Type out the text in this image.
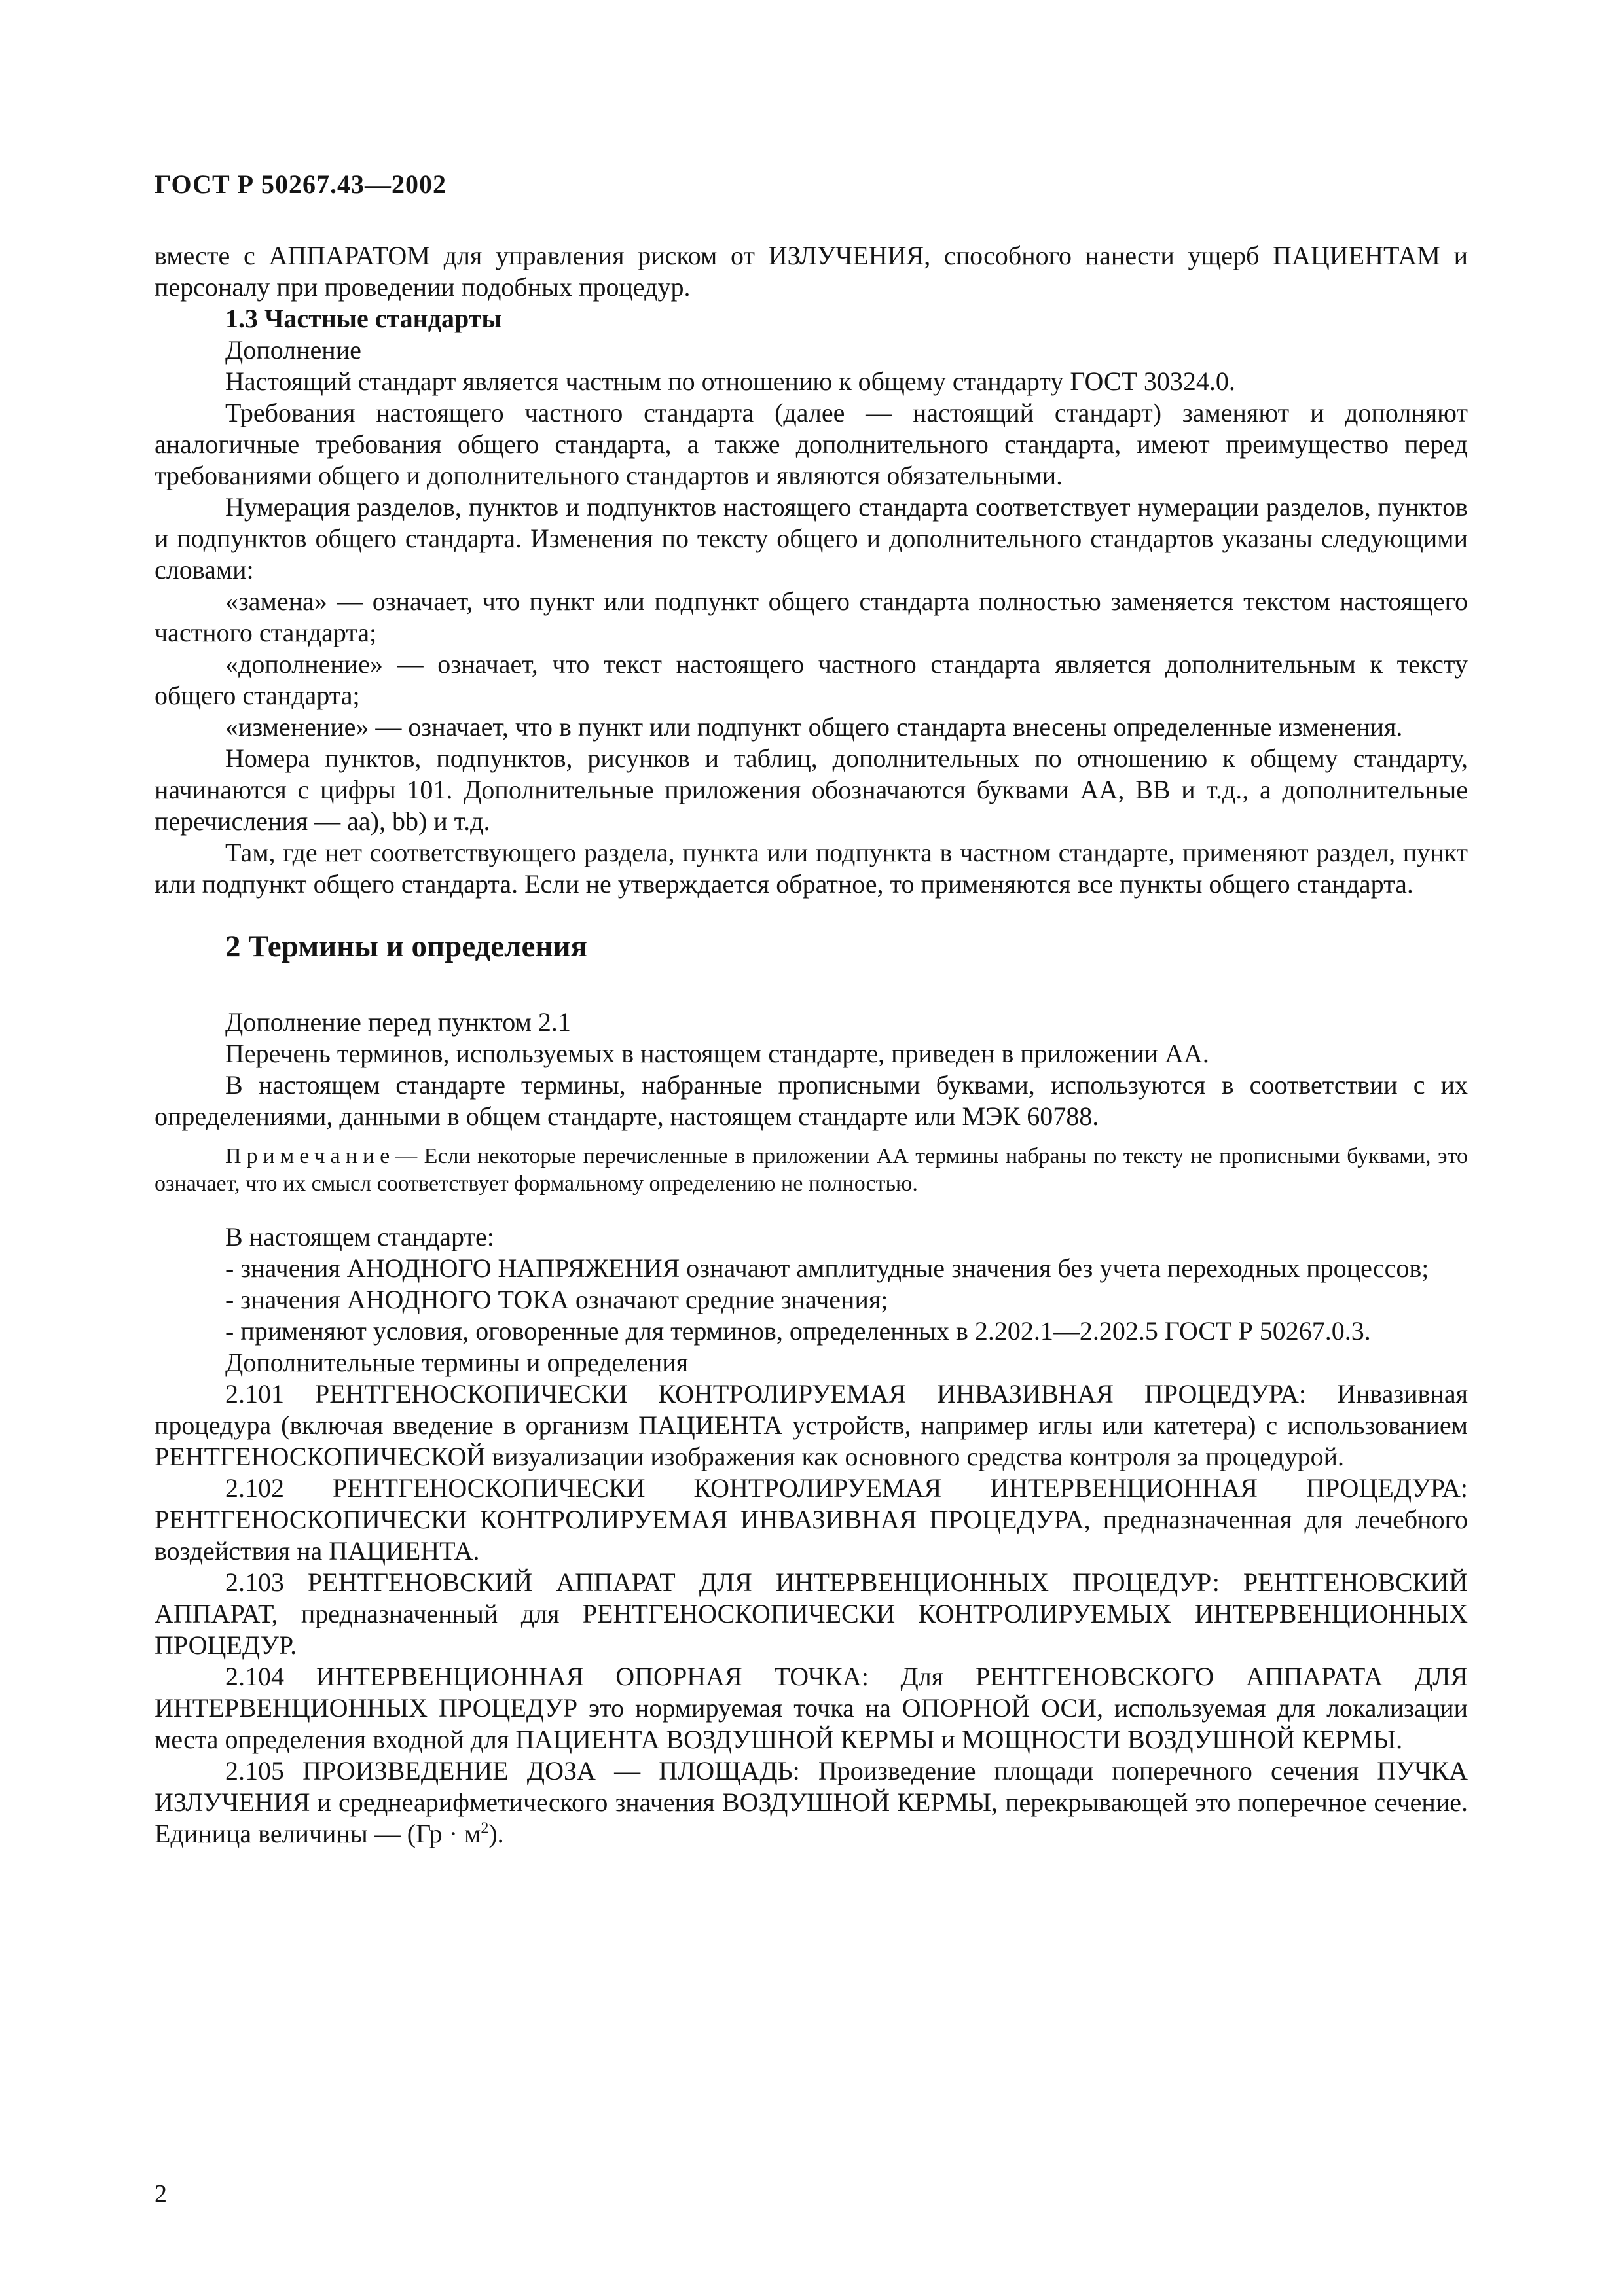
ГОСТ Р 50267.43—2002

вместе с АППАРАТОМ для управления риском от ИЗЛУЧЕНИЯ, способного нанести ущерб ПАЦИЕНТАМ и персоналу при проведении подобных процедур.

1.3 Частные стандарты

Дополнение

Настоящий стандарт является частным по отношению к общему стандарту ГОСТ 30324.0.

Требования настоящего частного стандарта (далее — настоящий стандарт) заменяют и дополняют аналогичные требования общего стандарта, а также дополнительного стандарта, имеют преимущество перед требованиями общего и дополнительного стандартов и являются обязательными.

Нумерация разделов, пунктов и подпунктов настоящего стандарта соответствует нумерации разделов, пунктов и подпунктов общего стандарта. Изменения по тексту общего и дополнительного стандартов указаны следующими словами:

«замена» — означает, что пункт или подпункт общего стандарта полностью заменяется текстом настоящего частного стандарта;

«дополнение» — означает, что текст настоящего частного стандарта является дополнительным к тексту общего стандарта;

«изменение» — означает, что в пункт или подпункт общего стандарта внесены определенные изменения.

Номера пунктов, подпунктов, рисунков и таблиц, дополнительных по отношению к общему стандарту, начинаются с цифры 101. Дополнительные приложения обозначаются буквами АА, ВВ и т.д., а дополнительные перечисления — аа), bb) и т.д.

Там, где нет соответствующего раздела, пункта или подпункта в частном стандарте, применяют раздел, пункт или подпункт общего стандарта. Если не утверждается обратное, то применяются все пункты общего стандарта.

2 Термины и определения

Дополнение перед пунктом 2.1

Перечень терминов, используемых в настоящем стандарте, приведен в приложении АА.

В настоящем стандарте термины, набранные прописными буквами, используются в соответствии с их определениями, данными в общем стандарте, настоящем стандарте или МЭК 60788.

Примечание— Если некоторые перечисленные в приложении АА термины набраны по тексту не прописными буквами, это означает, что их смысл соответствует формальному определению не полностью.

В настоящем стандарте:

- значения АНОДНОГО НАПРЯЖЕНИЯ означают амплитудные значения без учета переходных процессов;

- значения АНОДНОГО ТОКА означают средние значения;

- применяют условия, оговоренные для терминов, определенных в 2.202.1—2.202.5 ГОСТ Р 50267.0.3.

Дополнительные термины и определения

2.101 РЕНТГЕНОСКОПИЧЕСКИ КОНТРОЛИРУЕМАЯ ИНВАЗИВНАЯ ПРОЦЕДУРА: Инвазивная процедура (включая введение в организм ПАЦИЕНТА устройств, например иглы или катетера) с использованием РЕНТГЕНОСКОПИЧЕСКОЙ визуализации изображения как основного средства контроля за процедурой.

2.102 РЕНТГЕНОСКОПИЧЕСКИ КОНТРОЛИРУЕМАЯ ИНТЕРВЕНЦИОННАЯ ПРОЦЕДУРА: РЕНТГЕНОСКОПИЧЕСКИ КОНТРОЛИРУЕМАЯ ИНВАЗИВНАЯ ПРОЦЕДУРА, предназначенная для лечебного воздействия на ПАЦИЕНТА.

2.103 РЕНТГЕНОВСКИЙ АППАРАТ ДЛЯ ИНТЕРВЕНЦИОННЫХ ПРОЦЕДУР: РЕНТГЕНОВСКИЙ АППАРАТ, предназначенный для РЕНТГЕНОСКОПИЧЕСКИ КОНТРОЛИРУЕМЫХ ИНТЕРВЕНЦИОННЫХ ПРОЦЕДУР.

2.104 ИНТЕРВЕНЦИОННАЯ ОПОРНАЯ ТОЧКА: Для РЕНТГЕНОВСКОГО АППАРАТА ДЛЯ ИНТЕРВЕНЦИОННЫХ ПРОЦЕДУР это нормируемая точка на ОПОРНОЙ ОСИ, используемая для локализации места определения входной для ПАЦИЕНТА ВОЗДУШНОЙ КЕРМЫ и МОЩНОСТИ ВОЗДУШНОЙ КЕРМЫ.

2.105 ПРОИЗВЕДЕНИЕ ДОЗА — ПЛОЩАДЬ: Произведение площади поперечного сечения ПУЧКА ИЗЛУЧЕНИЯ и среднеарифметического значения ВОЗДУШНОЙ КЕРМЫ, перекрывающей это поперечное сечение. Единица величины — $(Гр \cdot м^2)$.

2
